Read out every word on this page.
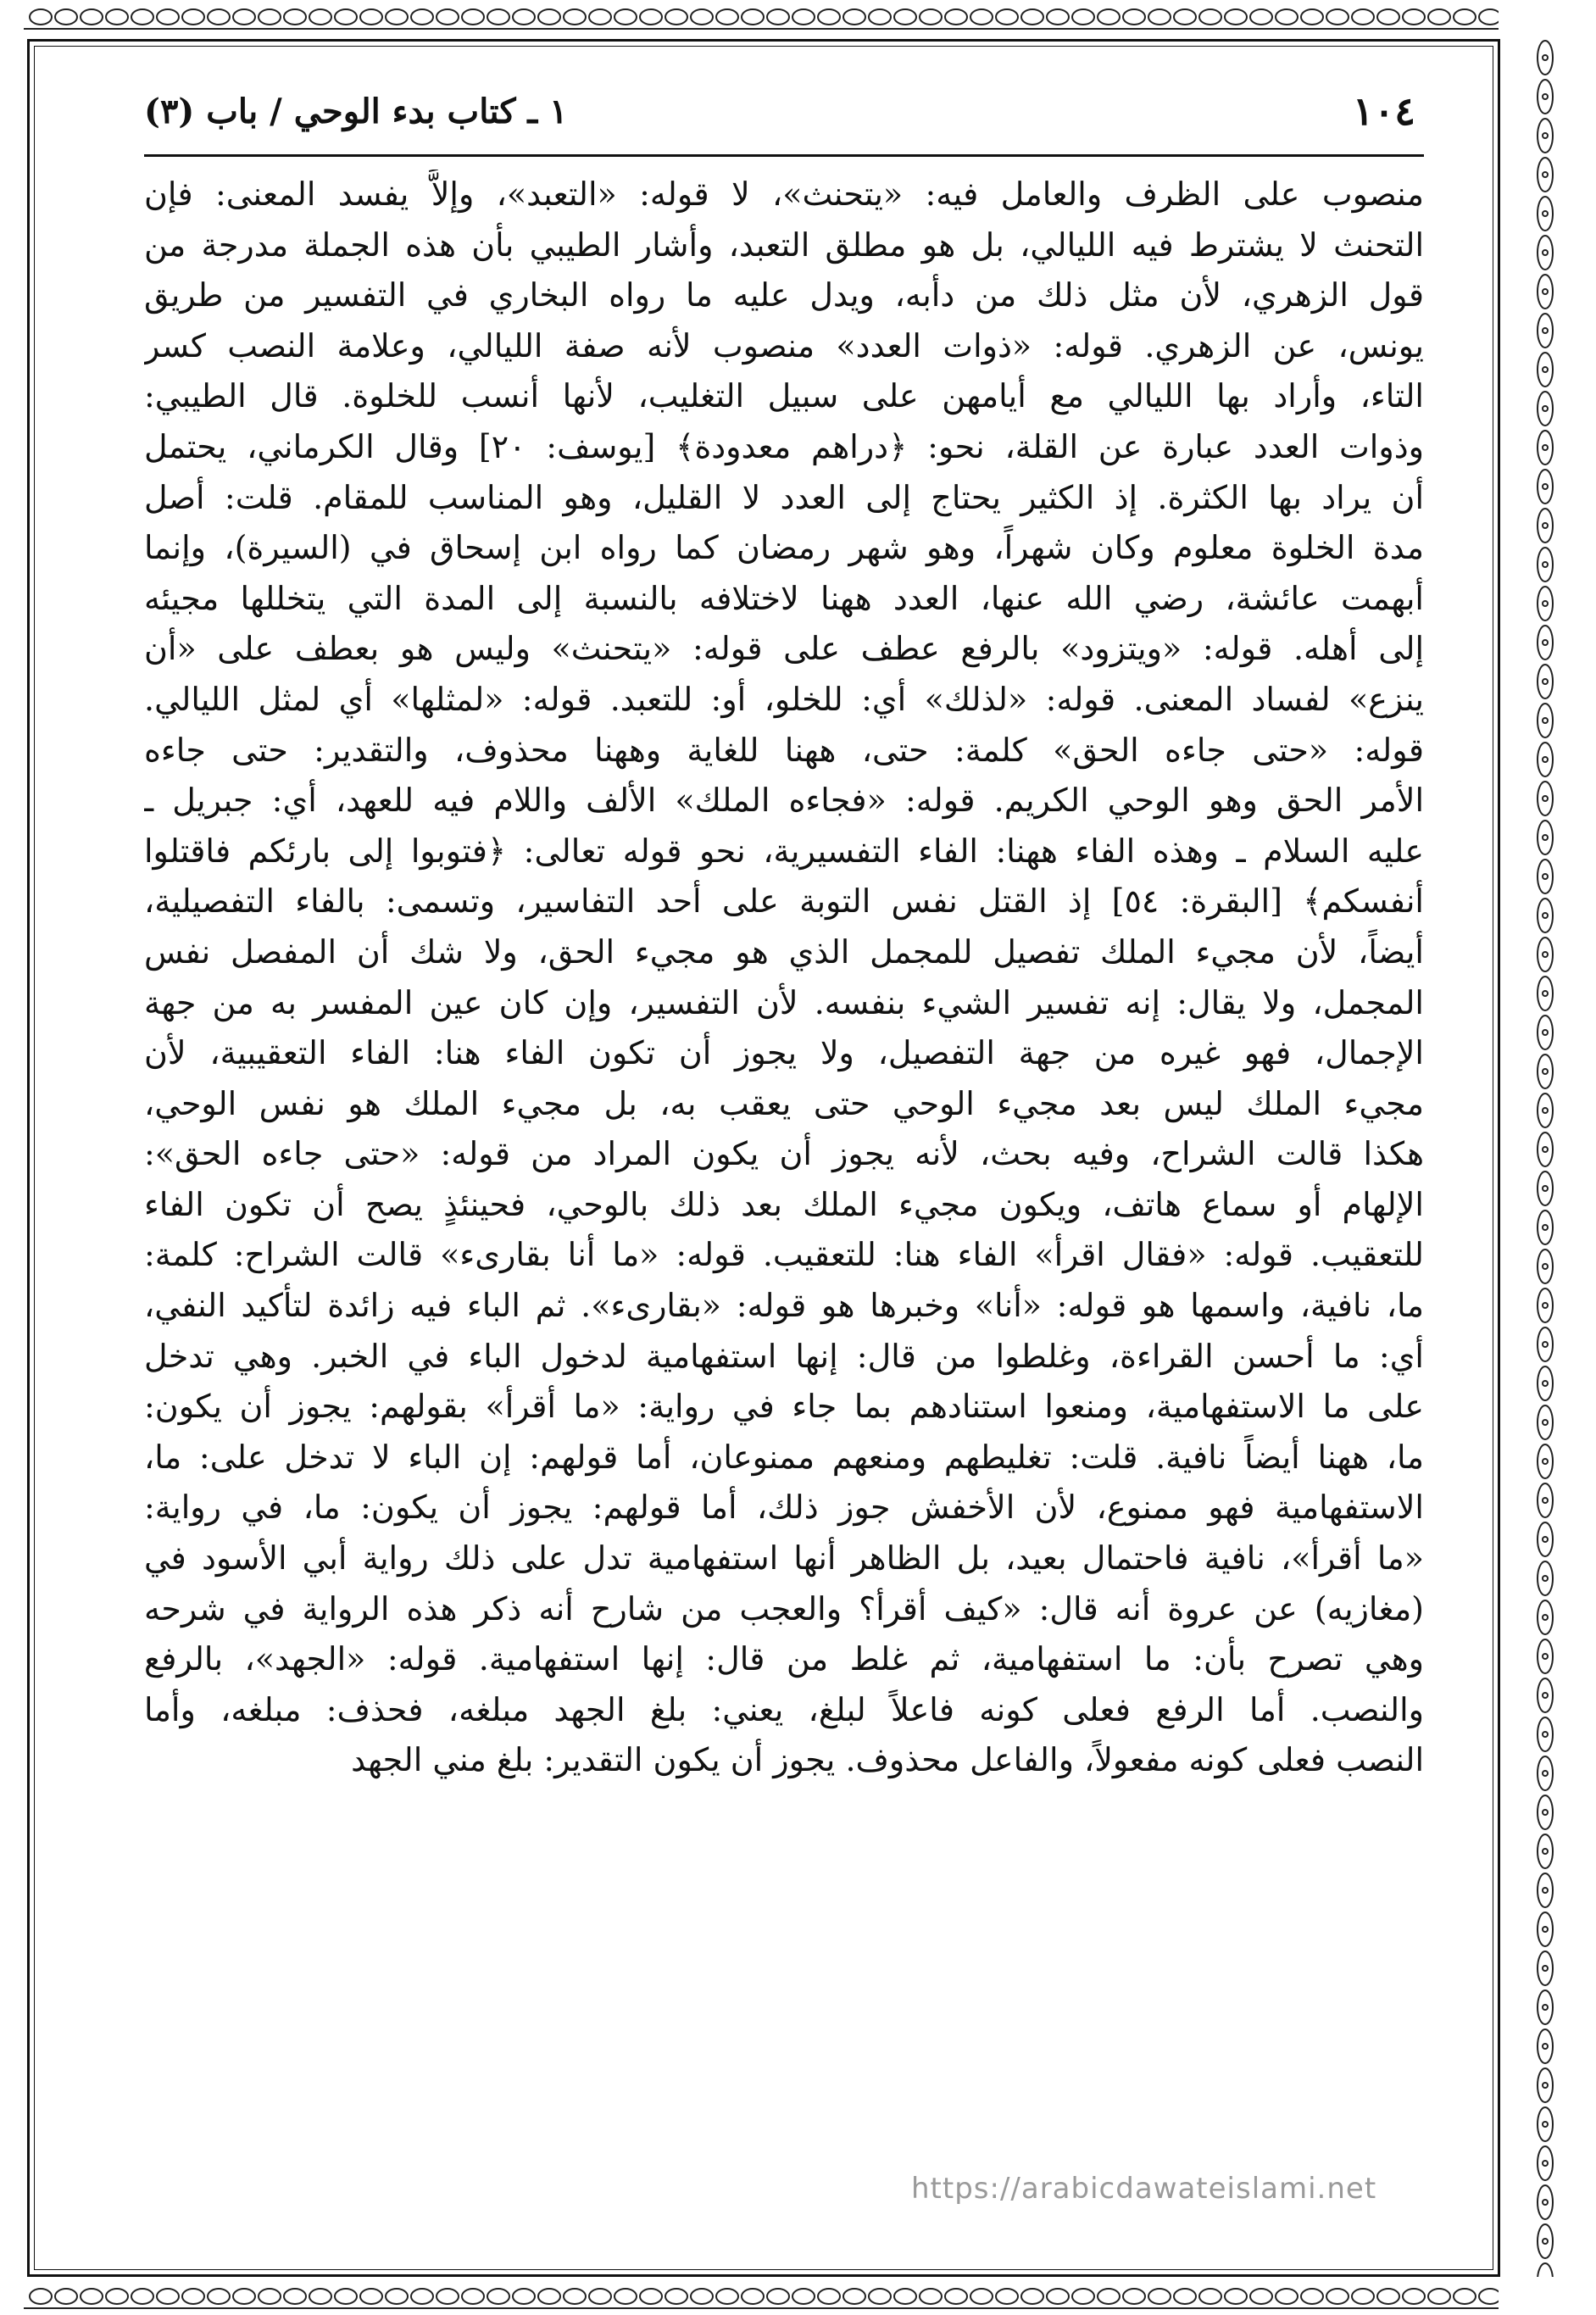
١٠٤
١ ـ كتاب بدء الوحي / باب (٣)
منصوب على الظرف والعامل فيه: «يتحنث»، لا قوله: «التعبد»، وإلاَّ يفسد المعنى: فإن
التحنث لا يشترط فيه الليالي، بل هو مطلق التعبد، وأشار الطيبي بأن هذه الجملة مدرجة من
قول الزهري، لأن مثل ذلك من دأبه، ويدل عليه ما رواه البخاري في التفسير من طريق
يونس، عن الزهري. قوله: «ذوات العدد» منصوب لأنه صفة الليالي، وعلامة النصب كسر
التاء، وأراد بها الليالي مع أيامهن على سبيل التغليب، لأنها أنسب للخلوة. قال الطيبي:
وذوات العدد عبارة عن القلة، نحو: ﴿دراهم معدودة﴾ [يوسف: ٢٠] وقال الكرماني، يحتمل
أن يراد بها الكثرة. إذ الكثير يحتاج إلى العدد لا القليل، وهو المناسب للمقام. قلت: أصل
مدة الخلوة معلوم وكان شهراً، وهو شهر رمضان كما رواه ابن إسحاق في (السيرة)، وإنما
أبهمت عائشة، رضي الله عنها، العدد ههنا لاختلافه بالنسبة إلى المدة التي يتخللها مجيئه
إلى أهله. قوله: «ويتزود» بالرفع عطف على قوله: «يتحنث» وليس هو بعطف على «أن
ينزع» لفساد المعنى. قوله: «لذلك» أي: للخلو، أو: للتعبد. قوله: «لمثلها» أي لمثل الليالي.
قوله: «حتى جاءه الحق» كلمة: حتى، ههنا للغاية وههنا محذوف، والتقدير: حتى جاءه
الأمر الحق وهو الوحي الكريم. قوله: «فجاءه الملك» الألف واللام فيه للعهد، أي: جبريل ـ
عليه السلام ـ وهذه الفاء ههنا: الفاء التفسيرية، نحو قوله تعالى: ﴿فتوبوا إلى بارئكم فاقتلوا
أنفسكم﴾ [البقرة: ٥٤] إذ القتل نفس التوبة على أحد التفاسير، وتسمى: بالفاء التفصيلية،
أيضاً، لأن مجيء الملك تفصيل للمجمل الذي هو مجيء الحق، ولا شك أن المفصل نفس
المجمل، ولا يقال: إنه تفسير الشيء بنفسه. لأن التفسير، وإن كان عين المفسر به من جهة
الإجمال، فهو غيره من جهة التفصيل، ولا يجوز أن تكون الفاء هنا: الفاء التعقيبية، لأن
مجيء الملك ليس بعد مجيء الوحي حتى يعقب به، بل مجيء الملك هو نفس الوحي،
هكذا قالت الشراح، وفيه بحث، لأنه يجوز أن يكون المراد من قوله: «حتى جاءه الحق»:
الإلهام أو سماع هاتف، ويكون مجيء الملك بعد ذلك بالوحي، فحينئذٍ يصح أن تكون الفاء
للتعقيب. قوله: «فقال اقرأ» الفاء هنا: للتعقيب. قوله: «ما أنا بقارىء» قالت الشراح: كلمة:
ما، نافية، واسمها هو قوله: «أنا» وخبرها هو قوله: «بقارىء». ثم الباء فيه زائدة لتأكيد النفي،
أي: ما أحسن القراءة، وغلطوا من قال: إنها استفهامية لدخول الباء في الخبر. وهي تدخل
على ما الاستفهامية، ومنعوا استنادهم بما جاء في رواية: «ما أقرأ» بقولهم: يجوز أن يكون:
ما، ههنا أيضاً نافية. قلت: تغليطهم ومنعهم ممنوعان، أما قولهم: إن الباء لا تدخل على: ما،
الاستفهامية فهو ممنوع، لأن الأخفش جوز ذلك، أما قولهم: يجوز أن يكون: ما، في رواية:
«ما أقرأ»، نافية فاحتمال بعيد، بل الظاهر أنها استفهامية تدل على ذلك رواية أبي الأسود في
(مغازيه) عن عروة أنه قال: «كيف أقرأ؟ والعجب من شارح أنه ذكر هذه الرواية في شرحه
وهي تصرح بأن: ما استفهامية، ثم غلط من قال: إنها استفهامية. قوله: «الجهد»، بالرفع
والنصب. أما الرفع فعلى كونه فاعلاً لبلغ، يعني: بلغ الجهد مبلغه، فحذف: مبلغه، وأما
النصب فعلى كونه مفعولاً، والفاعل محذوف. يجوز أن يكون التقدير: بلغ مني الجهد
https://arabicdawateislami.net
